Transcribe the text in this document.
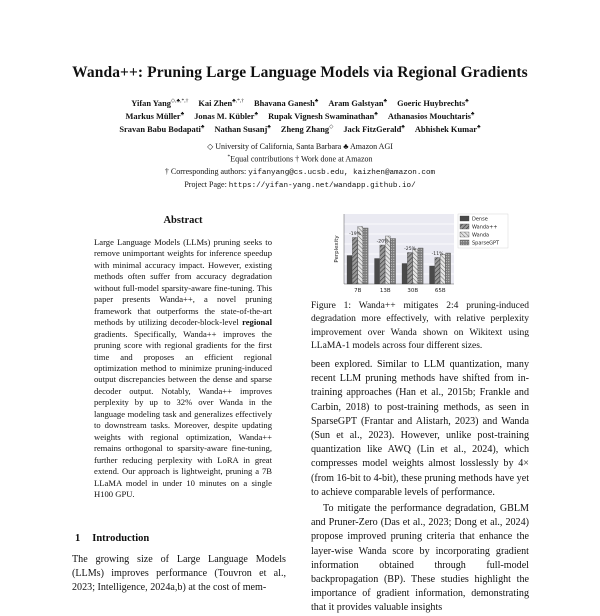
Wanda++: Pruning Large Language Models via Regional Gradients
Yifan Yang◇,♣,*,† Kai Zhen♣,*,† Bhavana Ganesh♣ Aram Galstyan♣ Goeric Huybrechts♣
Markus Müller♣ Jonas M. Kübler♣ Rupak Vignesh Swaminathan♣ Athanasios Mouchtaris♣
Sravan Babu Bodapati♣ Nathan Susanj♣ Zheng Zhang◇ Jack FitzGerald♣ Abhishek Kumar♣
◇ University of California, Santa Barbara ♣ Amazon AGI
*Equal contributions † Work done at Amazon
† Corresponding authors: yifanyang@cs.ucsb.edu, kaizhen@amazon.com
Project Page: https://yifan-yang.net/wandapp.github.io/
Abstract
Large Language Models (LLMs) pruning seeks to remove unimportant weights for inference speedup with minimal accuracy impact. However, existing methods often suffer from accuracy degradation without full-model sparsity-aware fine-tuning. This paper presents Wanda++, a novel pruning framework that outperforms the state-of-the-art methods by utilizing decoder-block-level regional gradients. Specifically, Wanda++ improves the pruning score with regional gradients for the first time and proposes an efficient regional optimization method to minimize pruning-induced output discrepancies between the dense and sparse decoder output. Notably, Wanda++ improves perplexity by up to 32% over Wanda in the language modeling task and generalizes effectively to downstream tasks. Moreover, despite updating weights with regional optimization, Wanda++ remains orthogonal to sparsity-aware fine-tuning, further reducing perplexity with LoRA in great extend. Our approach is lightweight, pruning a 7B LLaMA model in under 10 minutes on a single H100 GPU.
1 Introduction
The growing size of Large Language Models (LLMs) improves performance (Touvron et al., 2023; Intelligence, 2024a,b) at the cost of mem-
7B	13B	30B	65B
-19%
-20%
-25%
-11%
Perplexity
Dense
Wanda++
Wanda
SparseGPT
Figure 1: Wanda++ mitigates 2:4 pruning-induced degradation more effectively, with relative perplexity improvement over Wanda shown on Wikitext using LLaMA-1 models across four different sizes.

been explored. Similar to LLM quantization, many recent LLM pruning methods have shifted from in-training approaches (Han et al., 2015b; Frankle and Carbin, 2018) to post-training methods, as seen in SparseGPT (Frantar and Alistarh, 2023) and Wanda (Sun et al., 2023). However, unlike post-training quantization like AWQ (Lin et al., 2024), which compresses model weights almost losslessly by 4× (from 16-bit to 4-bit), these pruning methods have yet to achieve comparable levels of performance.

To mitigate the performance degradation, GBLM and Pruner-Zero (Das et al., 2023; Dong et al., 2024) propose improved pruning criteria that enhance the layer-wise Wanda score by incorporating gradient information obtained through full-model backpropagation (BP). These studies highlight the importance of gradient information, demonstrating that it provides valuable insights
